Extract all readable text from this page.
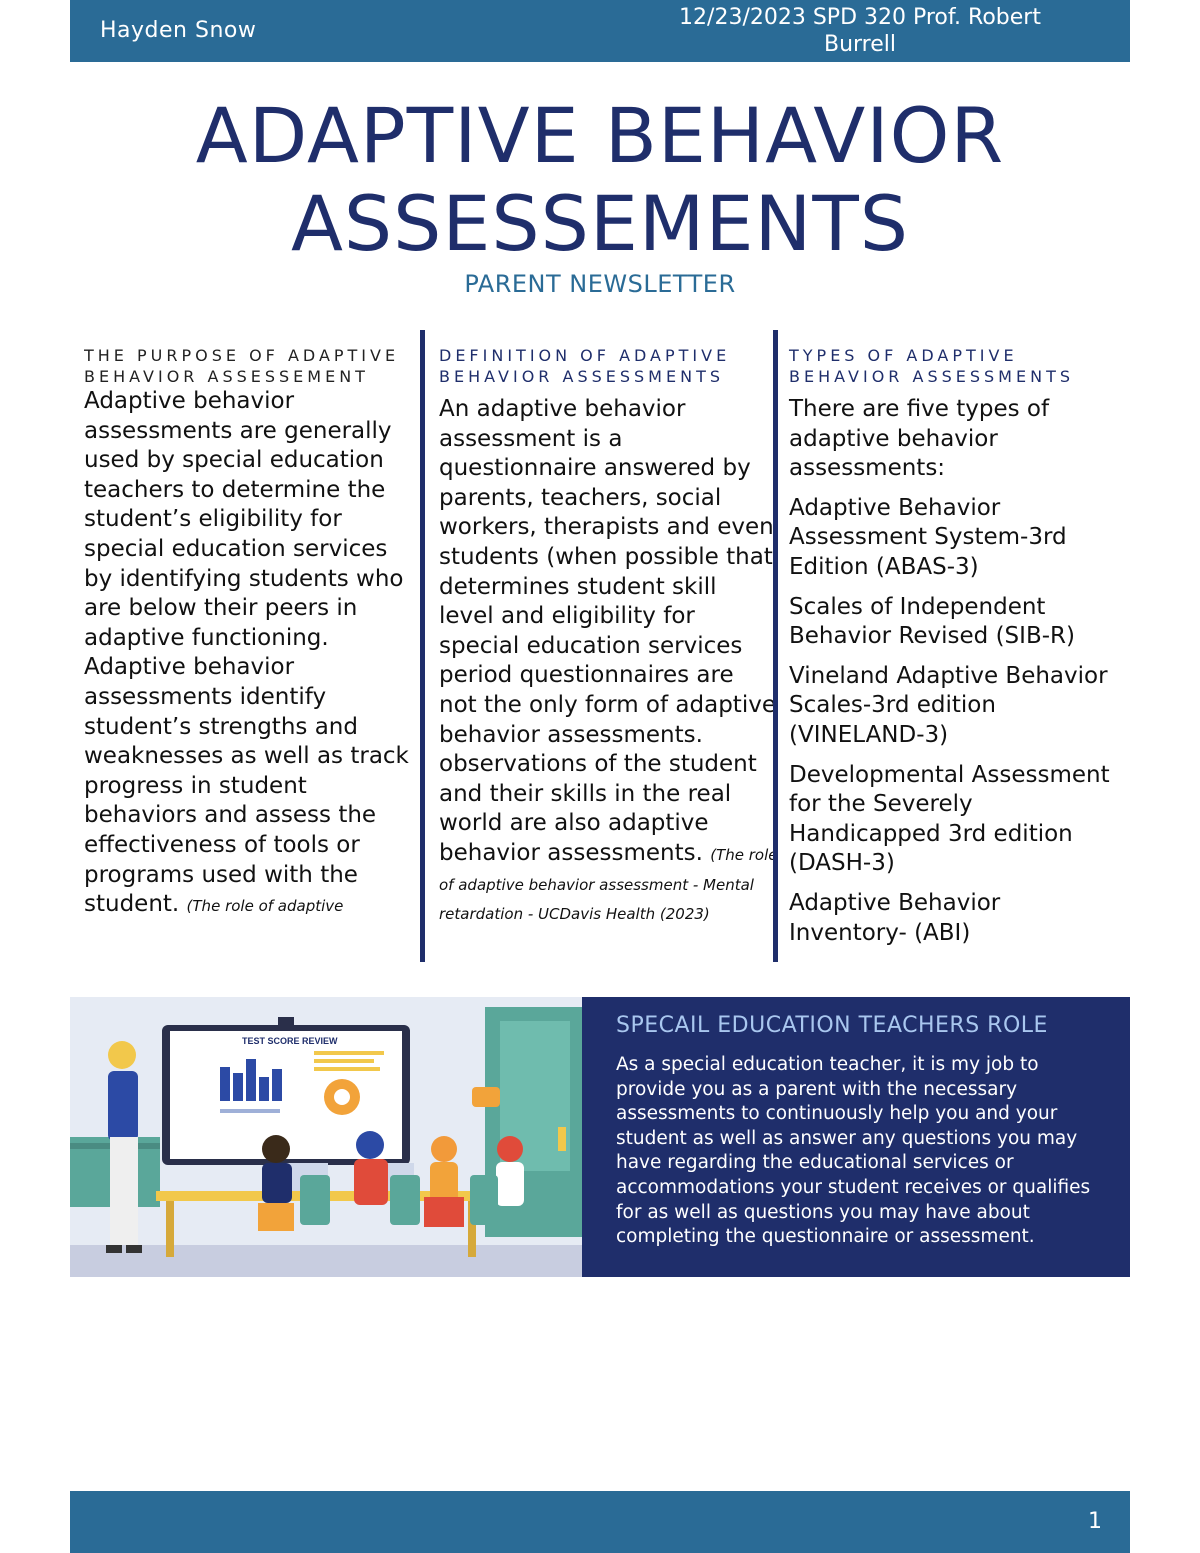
Hayden Snow
12/23/2023 SPD 320 Prof. Robert Burrell
ADAPTIVE BEHAVIOR
ASSESSEMENTS
PARENT NEWSLETTER
THE PURPOSE OF ADAPTIVE BEHAVIOR ASSESSEMENT
Adaptive behavior assessments are generally used by special education teachers to determine the student’s eligibility for special education services by identifying students who are below their peers in adaptive functioning. Adaptive behavior assessments identify student’s strengths and weaknesses as well as track progress in student behaviors and assess the effectiveness of tools or programs used with the student. (The role of adaptive
DEFINITION OF ADAPTIVE BEHAVIOR ASSESSMENTS
An adaptive behavior assessment is a questionnaire answered by parents, teachers, social workers, therapists and even students (when possible that determines student skill level and eligibility for special education services period questionnaires are not the only form of adaptive behavior assessments. observations of the student and their skills in the real world are also adaptive behavior assessments. (The role of adaptive behavior assessment - Mental retardation - UCDavis Health (2023)
TYPES OF ADAPTIVE BEHAVIOR ASSESSMENTS
There are five types of adaptive behavior assessments:
Adaptive Behavior Assessment System-3rd Edition (ABAS-3)
Scales of Independent Behavior Revised (SIB-R)
Vineland Adaptive Behavior Scales-3rd edition (VINELAND-3)
Developmental Assessment for the Severely Handicapped 3rd edition (DASH-3)
Adaptive Behavior Inventory- (ABI)
TEST SCORE REVIEW
SPECAIL EDUCATION TEACHERS ROLE
As a special education teacher, it is my job to provide you as a parent with the necessary assessments to continuously help you and your student as well as answer any questions you may have regarding the educational services or accommodations your student receives or qualifies for as well as questions you may have about completing the questionnaire or assessment.
1
